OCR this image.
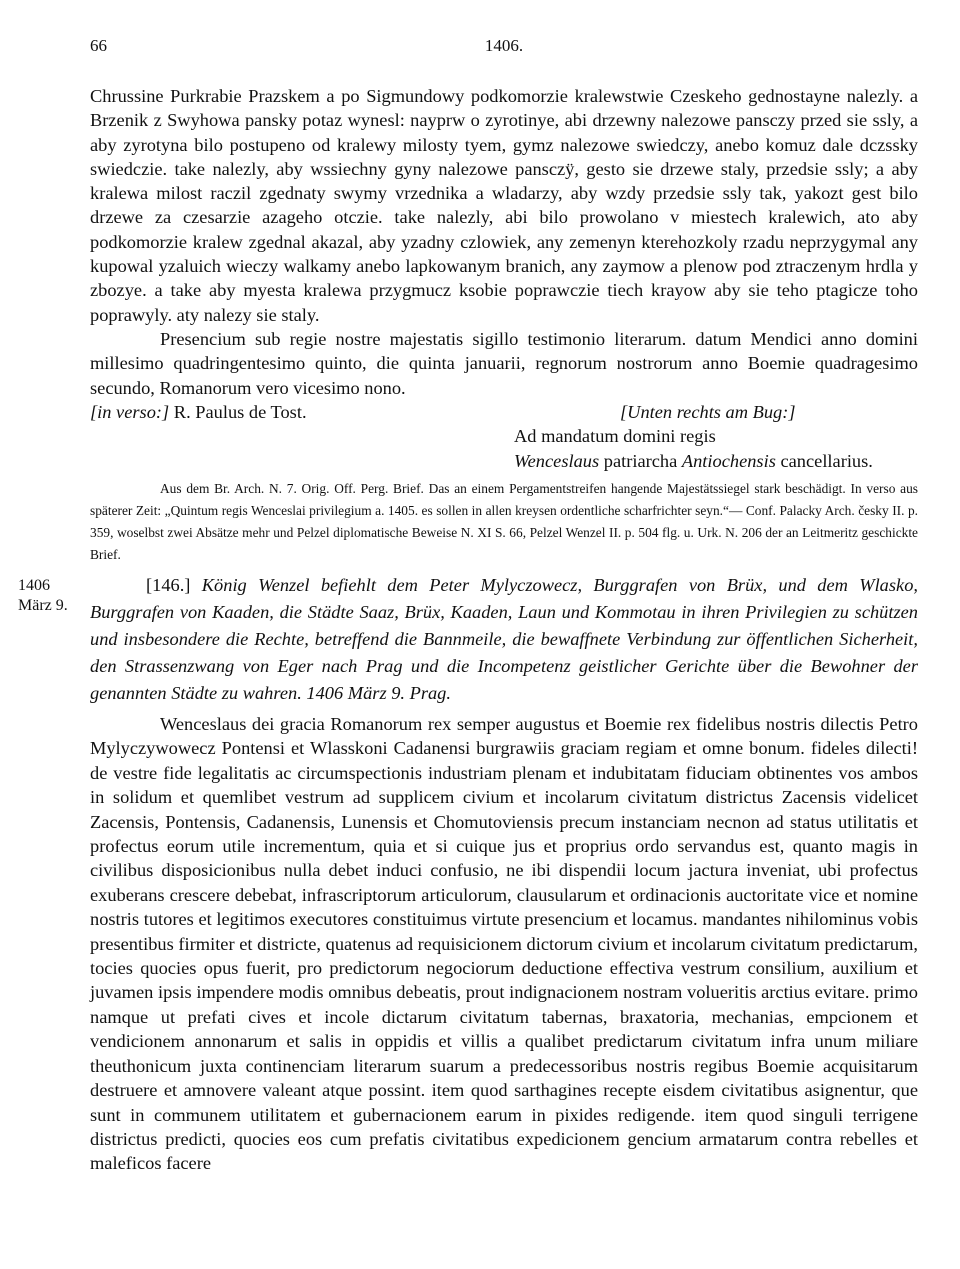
66	1406.
Chrussine Purkrabie Prazskem a po Sigmundowy podkomorzie kralewstwie Czeskeho gednostayne nalezly. a Brzenik z Swyhowa pansky potaz wynesl: nayprw o zyrotinye, abi drzewny nalezowe pansczy przed sie ssly, a aby zyrotyna bilo postupeno od kralewy milosty tyem, gymz nalezowe swiedczy, anebo komuz dale dczssky swiedczie. take nalezly, aby wssiechny gyny nalezowe pansczÿ, gesto sie drzewe staly, przedsie ssly; a aby kralewa milost raczil zgednaty swymy vrzednika a wladarzy, aby wzdy przedsie ssly tak, yakozt gest bilo drzewe za czesarzie azageho otczie. take nalezly, abi bilo prowolano v miestech kralewich, ato aby podkomorzie kralew zgednal akazal, aby yzadny czlowiek, any zemenyn kterehozkoly rzadu neprzygymal any kupowal yzaluich wieczy walkamy anebo lapkowanym branich, any zaymow a plenow pod ztraczenym hrdla y zbozye. a take aby myesta kralewa przygmucz ksobie poprawczie tiech krayow aby sie teho ptagicze toho poprawyly. aty nalezy sie staly.
Presencium sub regie nostre majestatis sigillo testimonio literarum. datum Mendici anno domini millesimo quadringentesimo quinto, die quinta januarii, regnorum nostrorum anno Boemie quadragesimo secundo, Romanorum vero vicesimo nono.
[in verso:] R. Paulus de Tost.	[Unten rechts am Bug:]
Ad mandatum domini regis
Wenceslaus patriarcha Antiochensis cancellarius.
Aus dem Br. Arch. N. 7. Orig. Off. Perg. Brief. Das an einem Pergamentstreifen hangende Majestätssiegel stark beschädigt. In verso aus späterer Zeit: „Quintum regis Wenceslai privilegium a. 1405. es sollen in allen kreysen ordentliche scharfrichter seyn.“— Conf. Palacky Arch. česky II. p. 359, woselbst zwei Absätze mehr und Pelzel diplomatische Beweise N. XI S. 66, Pelzel Wenzel II. p. 504 flg. u. Urk. N. 206 der an Leitmeritz geschickte Brief.
1406
März 9.
[146.] König Wenzel befiehlt dem Peter Mylyczowecz, Burggrafen von Brüx, und dem Wlasko, Burggrafen von Kaaden, die Städte Saaz, Brüx, Kaaden, Laun und Kommotau in ihren Privilegien zu schützen und insbesondere die Rechte, betreffend die Bannmeile, die bewaffnete Verbindung zur öffentlichen Sicherheit, den Strassenzwang von Eger nach Prag und die Incompetenz geistlicher Gerichte über die Bewohner der genannten Städte zu wahren. 1406 März 9. Prag.
Wenceslaus dei gracia Romanorum rex semper augustus et Boemie rex fidelibus nostris dilectis Petro Mylyczywowecz Pontensi et Wlasskoni Cadanensi burgrawiis graciam regiam et omne bonum. fideles dilecti! de vestre fide legalitatis ac circumspectionis industriam plenam et indubitatam fiduciam obtinentes vos ambos in solidum et quemlibet vestrum ad supplicem civium et incolarum civitatum districtus Zacensis videlicet Zacensis, Pontensis, Cadanensis, Lunensis et Chomutoviensis precum instanciam necnon ad status utilitatis et profectus eorum utile incrementum, quia et si cuique jus et proprius ordo servandus est, quanto magis in civilibus disposicionibus nulla debet induci confusio, ne ibi dispendii locum jactura inveniat, ubi profectus exuberans crescere debebat, infrascriptorum articulorum, clausularum et ordinacionis auctoritate vice et nomine nostris tutores et legitimos executores constituimus virtute presencium et locamus. mandantes nihilominus vobis presentibus firmiter et districte, quatenus ad requisicionem dictorum civium et incolarum civitatum predictarum, tocies quocies opus fuerit, pro predictorum negociorum deductione effectiva vestrum consilium, auxilium et juvamen ipsis impendere modis omnibus debeatis, prout indignacionem nostram volueritis arctius evitare. primo namque ut prefati cives et incole dictarum civitatum tabernas, braxatoria, mechanias, empcionem et vendicionem annonarum et salis in oppidis et villis a qualibet predictarum civitatum infra unum miliare theuthonicum juxta continenciam literarum suarum a predecessoribus nostris regibus Boemie acquisitarum destruere et amnovere valeant atque possint. item quod sarthagines recepte eisdem civitatibus asignentur, que sunt in communem utilitatem et gubernacionem earum in pixides redigende. item quod singuli terrigene districtus predicti, quocies eos cum prefatis civitatibus expedicionem gencium armatarum contra rebelles et maleficos facere
